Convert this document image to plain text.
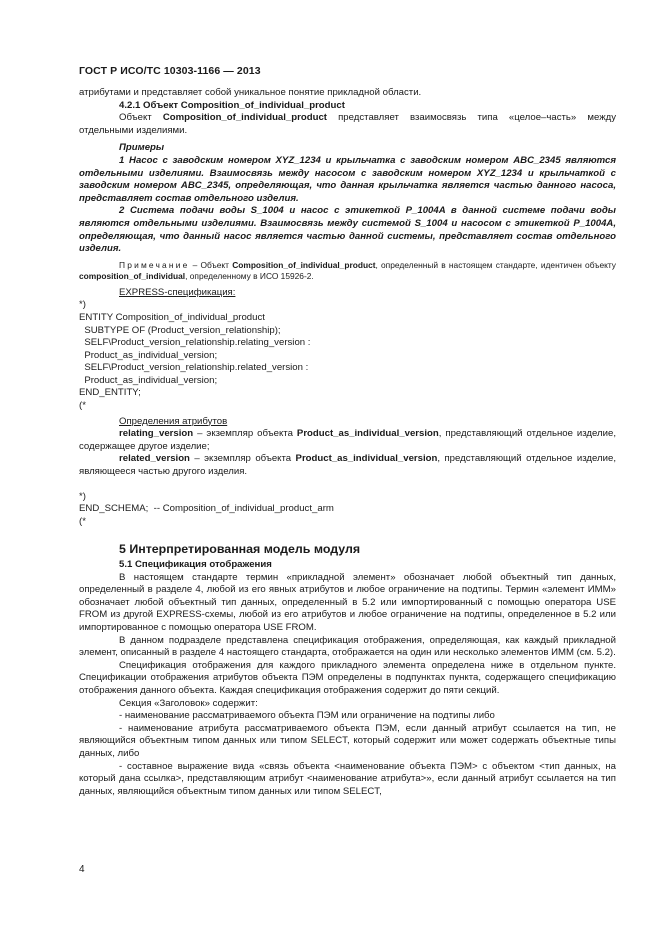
ГОСТ Р ИСО/ТС 10303-1166 — 2013

атрибутами и представляет собой уникальное понятие прикладной области.

4.2.1 Объект Composition_of_individual_product

Объект Composition_of_individual_product представляет взаимосвязь типа «целое–часть» между отдельными изделиями.

Примеры

1 Насос с заводским номером XYZ_1234 и крыльчатка с заводским номером ABC_2345 являются отдельными изделиями. Взаимосвязь между насосом с заводским номером XYZ_1234 и крыльчаткой с заводским номером ABC_2345, определяющая, что данная крыльчатка является частью данного насоса, представляет состав отдельного изделия.

2 Система подачи воды S_1004 и насос с этикеткой P_1004A в данной системе подачи воды являются отдельными изделиями. Взаимосвязь между системой S_1004 и насосом с этикеткой P_1004A, определяющая, что данный насос является частью данной системы, представляет состав отдельного изделия.

Примечание – Объект Composition_of_individual_product, определенный в настоящем стандарте, идентичен объекту composition_of_individual, определенному в ИСО 15926-2.

EXPRESS-спецификация:

*)
ENTITY Composition_of_individual_product
SUBTYPE OF (Product_version_relationship);
SELF\Product_version_relationship.relating_version :
Product_as_individual_version;
SELF\Product_version_relationship.related_version :
Product_as_individual_version;
END_ENTITY;
(*

Определения атрибутов

relating_version – экземпляр объекта Product_as_individual_version, представляющий отдельное изделие, содержащее другое изделие;

related_version – экземпляр объекта Product_as_individual_version, представляющий отдельное изделие, являющееся частью другого изделия.

*)
END_SCHEMA;  -- Composition_of_individual_product_arm
(*

5 Интерпретированная модель модуля

5.1 Спецификация отображения

В настоящем стандарте термин «прикладной элемент» обозначает любой объектный тип данных, определенный в разделе 4, любой из его явных атрибутов и любое ограничение на подтипы. Термин «элемент ИММ» обозначает любой объектный тип данных, определенный в 5.2 или импортированный с помощью оператора USE FROM из другой EXPRESS-схемы, любой из его атрибутов и любое ограничение на подтипы, определенное в 5.2 или импортированное с помощью оператора USE FROM.

В данном подразделе представлена спецификация отображения, определяющая, как каждый прикладной элемент, описанный в разделе 4 настоящего стандарта, отображается на один или несколько элементов ИММ (см. 5.2).

Спецификация отображения для каждого прикладного элемента определена ниже в отдельном пункте. Спецификации отображения атрибутов объекта ПЭМ определены в подпунктах пункта, содержащего спецификацию отображения данного объекта. Каждая спецификация отображения содержит до пяти секций.

Секция «Заголовок» содержит:

- наименование рассматриваемого объекта ПЭМ или ограничение на подтипы либо

- наименование атрибута рассматриваемого объекта ПЭМ, если данный атрибут ссылается на тип, не являющийся объектным типом данных или типом SELECT, который содержит или может содержать объектные типы данных, либо

- составное выражение вида «связь объекта <наименование объекта ПЭМ> с объектом <тип данных, на который дана ссылка>, представляющим атрибут <наименование атрибута>», если данный атрибут ссылается на тип данных, являющийся объектным типом данных или типом SELECT,

4
